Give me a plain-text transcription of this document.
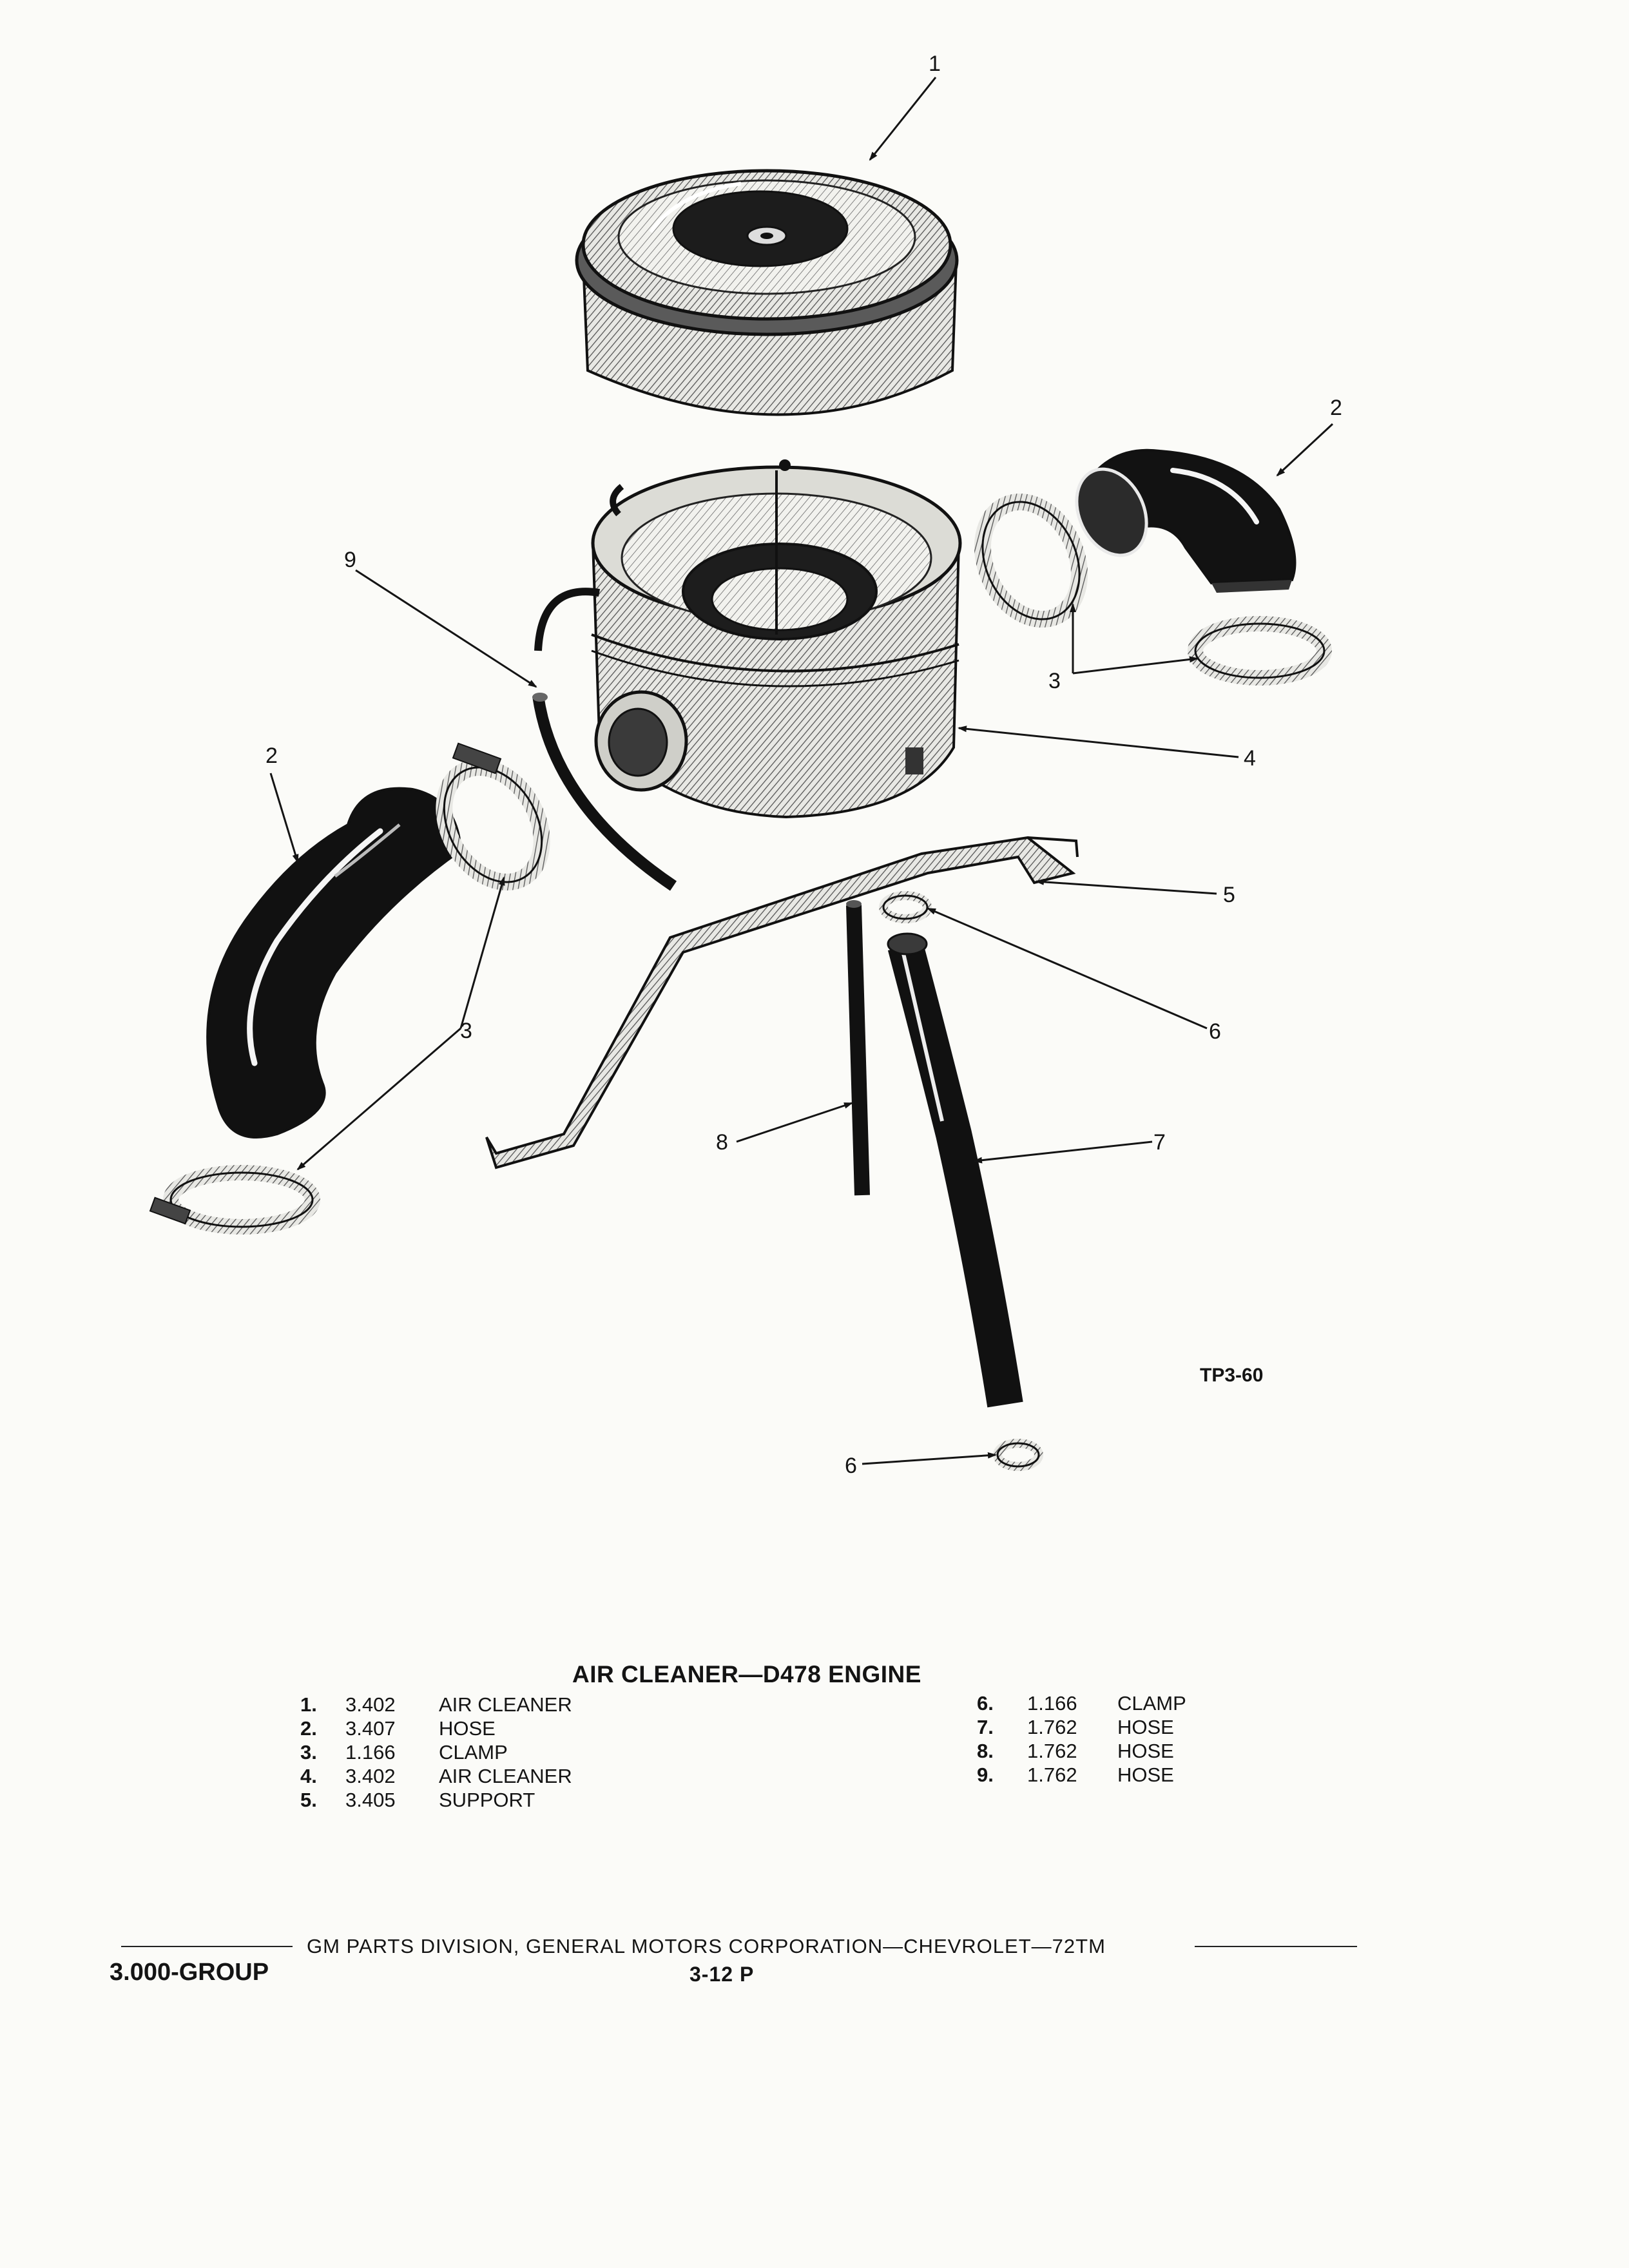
1
2
3
2
3
4
5
6
7
8
9
6
TP3-60
AIR CLEANER—D478 ENGINE
1. 3.402 AIR CLEANER
2. 3.407 HOSE
3. 1.166 CLAMP
4. 3.402 AIR CLEANER
5. 3.405 SUPPORT
6. 1.166 CLAMP
7. 1.762 HOSE
8. 1.762 HOSE
9. 1.762 HOSE
GM PARTS DIVISION, GENERAL MOTORS CORPORATION—CHEVROLET—72TM
3.000-GROUP	3-12 P
